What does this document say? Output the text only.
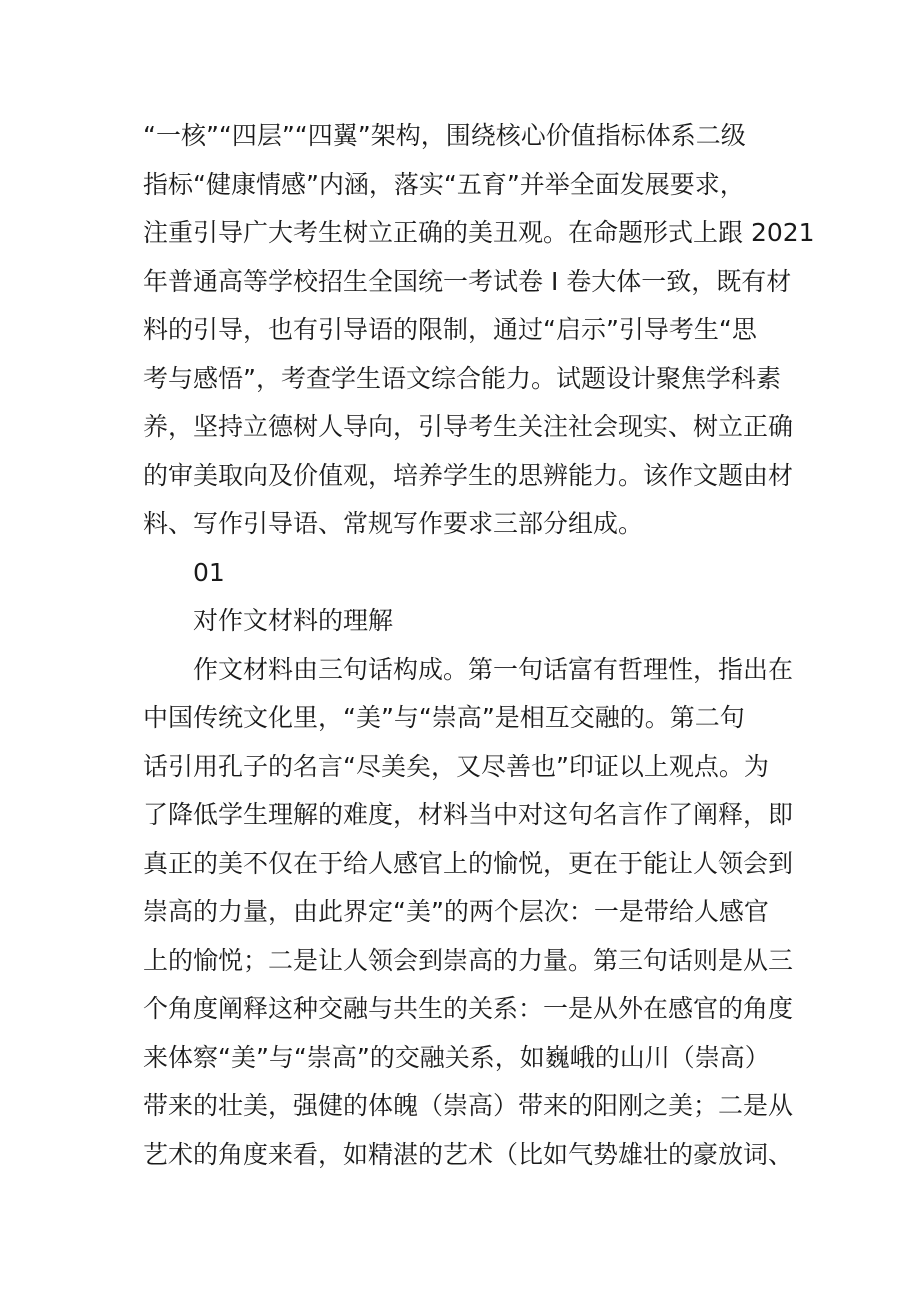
“一核”“四层”“四翼”架构，围绕核心价值指标体系二级
指标“健康情感”内涵，落实“五育”并举全面发展要求，
注重引导广大考生树立正确的美丑观。在命题形式上跟 2021
年普通高等学校招生全国统一考试卷 I 卷大体一致，既有材
料的引导，也有引导语的限制，通过“启示”引导考生“思
考与感悟”，考查学生语文综合能力。试题设计聚焦学科素
养，坚持立德树人导向，引导考生关注社会现实、树立正确
的审美取向及价值观，培养学生的思辨能力。该作文题由材
料、写作引导语、常规写作要求三部分组成。
01
对作文材料的理解
作文材料由三句话构成。第一句话富有哲理性，指出在
中国传统文化里，“美”与“崇高”是相互交融的。第二句
话引用孔子的名言“尽美矣，又尽善也”印证以上观点。为
了降低学生理解的难度，材料当中对这句名言作了阐释，即
真正的美不仅在于给人感官上的愉悦，更在于能让人领会到
崇高的力量，由此界定“美”的两个层次：一是带给人感官
上的愉悦；二是让人领会到崇高的力量。第三句话则是从三
个角度阐释这种交融与共生的关系：一是从外在感官的角度
来体察“美”与“崇高”的交融关系，如巍峨的山川（崇高）
带来的壮美，强健的体魄（崇高）带来的阳刚之美；二是从
艺术的角度来看，如精湛的艺术（比如气势雄壮的豪放词、
